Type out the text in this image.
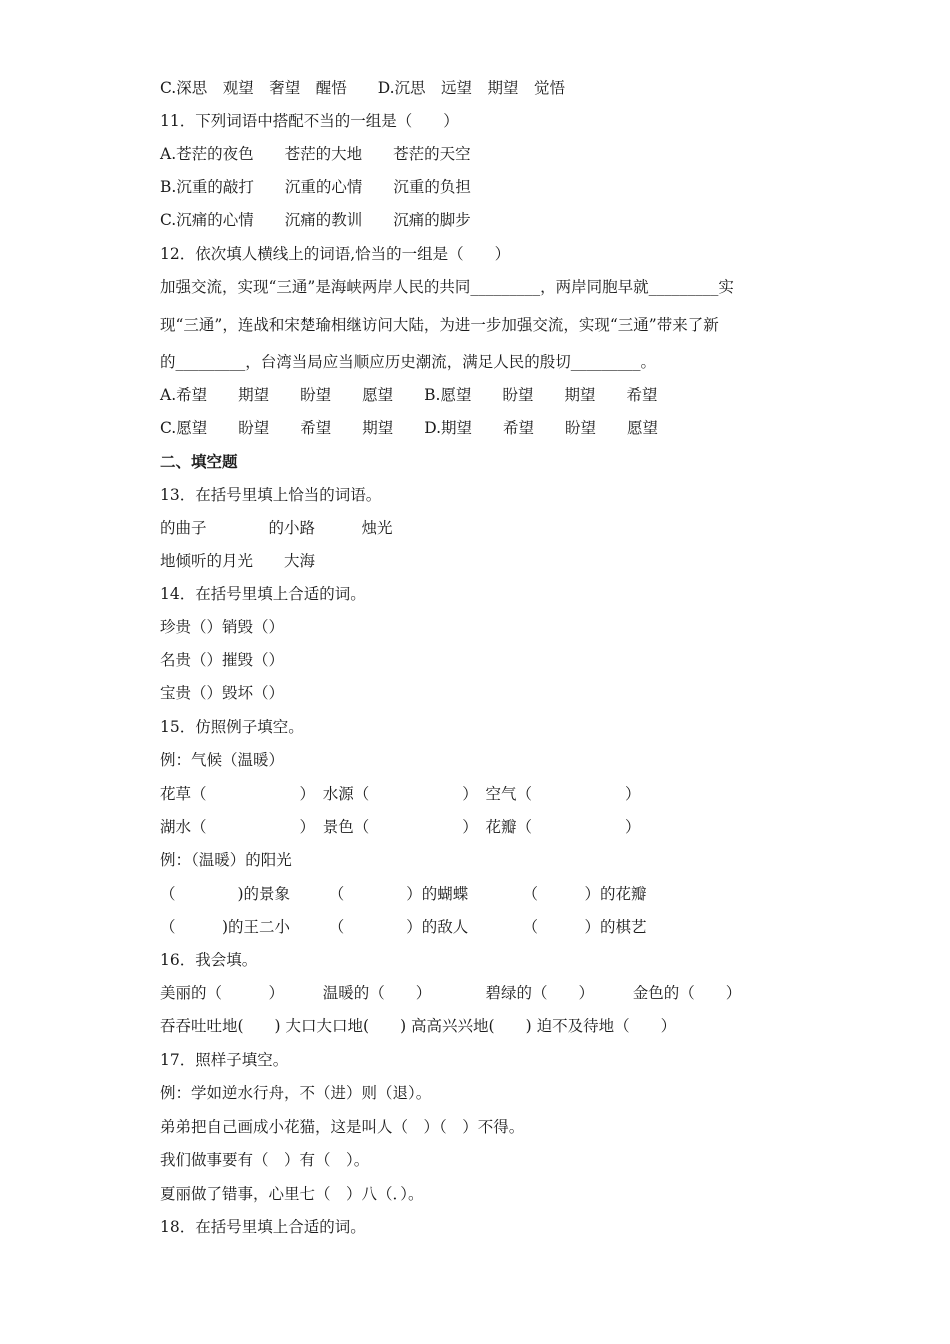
C.深思　观望　奢望　醒悟　　D.沉思　远望　期望　觉悟
11．下列词语中搭配不当的一组是（　　）
A.苍茫的夜色　　苍茫的大地　　苍茫的天空
B.沉重的敲打　　沉重的心情　　沉重的负担
C.沉痛的心情　　沉痛的教训　　沉痛的脚步
12．依次填人横线上的词语,恰当的一组是（　　）
加强交流，实现“三通”是海峡两岸人民的共同_________，两岸同胞早就_________实
现“三通”，连战和宋楚瑜相继访问大陆，为进一步加强交流，实现“三通”带来了新
的_________，台湾当局应当顺应历史潮流，满足人民的殷切_________。
A.希望　　期望　　盼望　　愿望　　B.愿望　　盼望　　期望　　希望
C.愿望　　盼望　　希望　　期望　　D.期望　　希望　　盼望　　愿望
二、填空题
13．在括号里填上恰当的词语。
的曲子　　　　的小路　　　烛光
地倾听的月光　　大海
14．在括号里填上合适的词。
珍贵（）销毁（）
名贵（）摧毁（）
宝贵（）毁坏（）
15．仿照例子填空。
例：气候（温暖）
花草（　　　　　　）　水源（　　　　　　）　空气（　　　　　　）
湖水（　　　　　　）　景色（　　　　　　）　花瓣（　　　　　　）
例：（温暖）的阳光
（　　　　)的景象　　　（　　　　）的蝴蝶　　　　（　　　）的花瓣
（　　　)的王二小　　　（　　　　）的敌人　　　　（　　　）的棋艺
16．我会填。
美丽的（　　　）　　　温暖的（　　）　　　　碧绿的（　　）　　　金色的（　　）
吞吞吐吐地(　　) 大口大口地(　　) 高高兴兴地(　　) 迫不及待地（　　）
17．照样子填空。
例：学如逆水行舟，不（进）则（退）。
弟弟把自己画成小花猫，这是叫人（　）（　）不得。
我们做事要有（　）有（　）。
夏丽做了错事，心里七（　）八（．）。
18．在括号里填上合适的词。
